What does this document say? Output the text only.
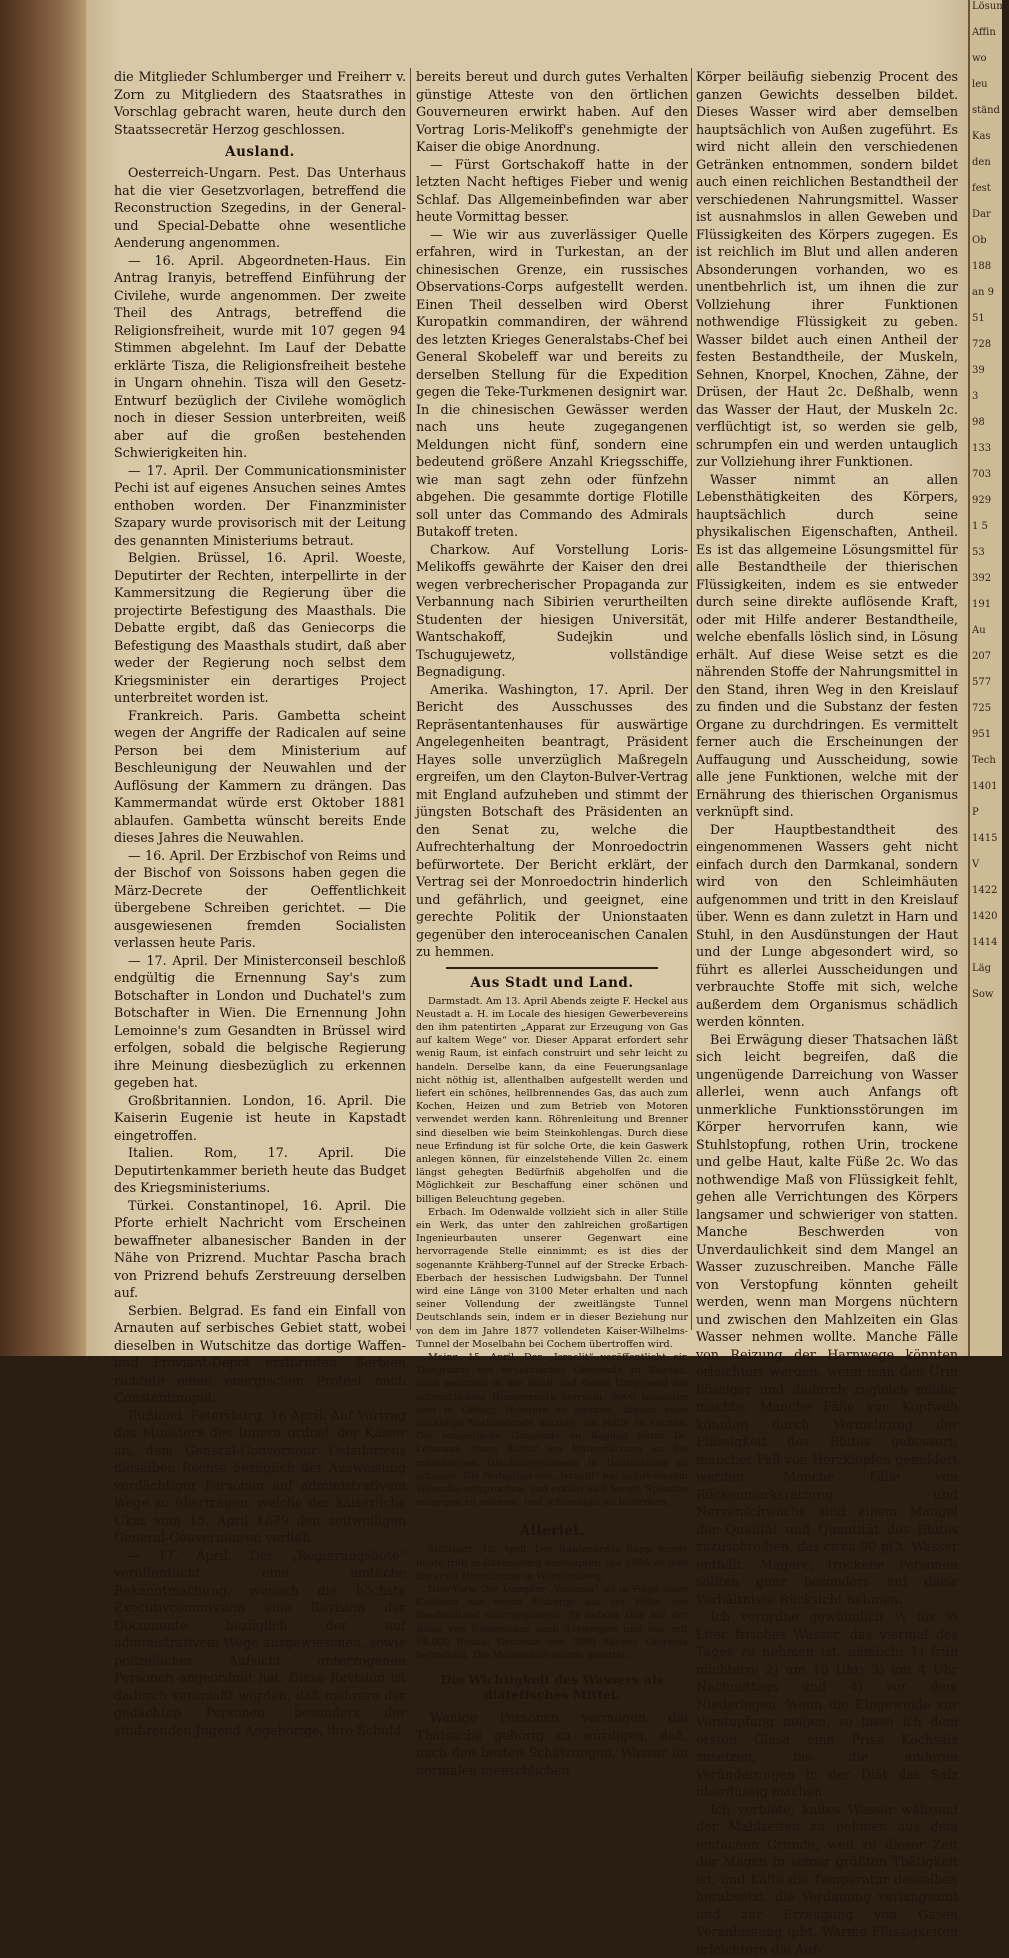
die Mitglieder Schlumberger und Freiherr v. Zorn zu Mitgliedern des Staatsrathes in Vorschlag gebracht waren, heute durch den Staatssecretär Herzog geschlossen.

Ausland.

Oesterreich-Ungarn. Pest. Das Unterhaus hat die vier Gesetzvorlagen, betreffend die Reconstruction Szegedins, in der General- und Special-Debatte ohne wesentliche Aenderung angenommen.

— 16. April. Abgeordneten-Haus. Ein Antrag Iranyis, betreffend Einführung der Civilehe, wurde angenommen. Der zweite Theil des Antrags, betreffend die Religionsfreiheit, wurde mit 107 gegen 94 Stimmen abgelehnt. Im Lauf der Debatte erklärte Tisza, die Religionsfreiheit bestehe in Ungarn ohnehin. Tisza will den Gesetz-Entwurf bezüglich der Civilehe womöglich noch in dieser Session unterbreiten, weiß aber auf die großen bestehenden Schwierigkeiten hin.

— 17. April. Der Communicationsminister Pechi ist auf eigenes Ansuchen seines Amtes enthoben worden. Der Finanzminister Szapary wurde provisorisch mit der Leitung des genannten Ministeriums betraut.

Belgien. Brüssel, 16. April. Woeste, Deputirter der Rechten, interpellirte in der Kammersitzung die Regierung über die projectirte Befestigung des Maasthals. Die Debatte ergibt, daß das Geniecorps die Befestigung des Maasthals studirt, daß aber weder der Regierung noch selbst dem Kriegsminister ein derartiges Project unterbreitet worden ist.

Frankreich. Paris. Gambetta scheint wegen der Angriffe der Radicalen auf seine Person bei dem Ministerium auf Beschleunigung der Neuwahlen und der Auflösung der Kammern zu drängen. Das Kammermandat würde erst Oktober 1881 ablaufen. Gambetta wünscht bereits Ende dieses Jahres die Neuwahlen.

— 16. April. Der Erzbischof von Reims und der Bischof von Soissons haben gegen die März-Decrete der Oeffentlichkeit übergebene Schreiben gerichtet. — Die ausgewiesenen fremden Socialisten verlassen heute Paris.

— 17. April. Der Ministerconseil beschloß endgültig die Ernennung Say's zum Botschafter in London und Duchatel's zum Botschafter in Wien. Die Ernennung John Lemoinne's zum Gesandten in Brüssel wird erfolgen, sobald die belgische Regierung ihre Meinung diesbezüglich zu erkennen gegeben hat.

Großbritannien. London, 16. April. Die Kaiserin Eugenie ist heute in Kapstadt eingetroffen.

Italien. Rom, 17. April. Die Deputirtenkammer berieth heute das Budget des Kriegsministeriums.

Türkei. Constantinopel, 16. April. Die Pforte erhielt Nachricht vom Erscheinen bewaffneter albanesischer Banden in der Nähe von Prizrend. Muchtar Pascha brach von Prizrend behufs Zerstreuung derselben auf.

Serbien. Belgrad. Es fand ein Einfall von Arnauten auf serbisches Gebiet statt, wobei dieselben in Wutschitze das dortige Waffen- und Proviant-Depot erstürmten. Serbien richtete einen energischen Protest nach Constantinopel.

Rußland. Petersburg, 16 April. Auf Vortrag des Ministers des Innern ordnet der Kaiser an, dem General-Gouverneur Ostsibiriens dieselben Rechte bezüglich der Ausweisung verdächtiger Personen auf administrativem Wege zu übertragen, welche der kaiserliche Ukas vom 15. April 1879 den zeitweiligen General-Gouverneuren verlieh.

— 17. April. Der „Regierungsbote“ veröffentlicht eine amtliche Bekanntmachung, wonach die höchste Executivcommission eine Revision der Documente bezüglich der auf administrativem Wege ausgewiesenen, sowie polizeilicher Aufsicht unterzogenen Personen angeordnet hat. Diese Revision ist dadurch veranlaßt worden, daß mehrere der gedachten Personen, besonders der studirenden Jugend Angehörige, ihre Schuld

bereits bereut und durch gutes Verhalten günstige Atteste von den örtlichen Gouverneuren erwirkt haben. Auf den Vortrag Loris-Melikoff's genehmigte der Kaiser die obige Anordnung.

— Fürst Gortschakoff hatte in der letzten Nacht heftiges Fieber und wenig Schlaf. Das Allgemeinbefinden war aber heute Vormittag besser.

— Wie wir aus zuverlässiger Quelle erfahren, wird in Turkestan, an der chinesischen Grenze, ein russisches Observations-Corps aufgestellt werden. Einen Theil desselben wird Oberst Kuropatkin commandiren, der während des letzten Krieges Generalstabs-Chef bei General Skobeleff war und bereits zu derselben Stellung für die Expedition gegen die Teke-Turkmenen designirt war. In die chinesischen Gewässer werden nach uns heute zugegangenen Meldungen nicht fünf, sondern eine bedeutend größere Anzahl Kriegsschiffe, wie man sagt zehn oder fünfzehn abgehen. Die gesammte dortige Flotille soll unter das Commando des Admirals Butakoff treten.

Charkow. Auf Vorstellung Loris-Melikoffs gewährte der Kaiser den drei wegen verbrecherischer Propaganda zur Verbannung nach Sibirien verurtheilten Studenten der hiesigen Universität, Wantschakoff, Sudejkin und Tschugujewetz, vollständige Begnadigung.

Amerika. Washington, 17. April. Der Bericht des Ausschusses des Repräsentantenhauses für auswärtige Angelegenheiten beantragt, Präsident Hayes solle unverzüglich Maßregeln ergreifen, um den Clayton-Bulver-Vertrag mit England aufzuheben und stimmt der jüngsten Botschaft des Präsidenten an den Senat zu, welche die Aufrechterhaltung der Monroedoctrin befürwortete. Der Bericht erklärt, der Vertrag sei der Monroedoctrin hinderlich und gefährlich, und geeignet, eine gerechte Politik der Unionstaaten gegenüber den interoceanischen Canalen zu hemmen.

Aus Stadt und Land.

Darmstadt. Am 13. April Abends zeigte F. Heckel aus Neustadt a. H. im Locale des hiesigen Gewerbevereins den ihm patentirten „Apparat zur Erzeugung von Gas auf kaltem Wege“ vor. Dieser Apparat erfordert sehr wenig Raum, ist einfach construirt und sehr leicht zu handeln. Derselbe kann, da eine Feuerungsanlage nicht nöthig ist, allenthalben aufgestellt werden und liefert ein schönes, hellbrennendes Gas, das auch zum Kochen, Heizen und zum Betrieb von Motoren verwendet werden kann. Röhrenleitung und Brenner sind dieselben wie beim Steinkohlengas. Durch diese neue Erfindung ist für solche Orte, die kein Gaswerk anlegen können, für einzelstehende Villen 2c. einem längst gehegten Bedürfniß abgeholfen und die Möglichkeit zur Beschaffung einer schönen und billigen Beleuchtung gegeben.

Erbach. Im Odenwalde vollzieht sich in aller Stille ein Werk, das unter den zahlreichen großartigen Ingenieurbauten unserer Gegenwart eine hervorragende Stelle einnimmt; es ist dies der sogenannte Krähberg-Tunnel auf der Strecke Erbach-Eberbach der hessischen Ludwigsbahn. Der Tunnel wird eine Länge von 3100 Meter erhalten und nach seiner Vollendung der zweitlängste Tunnel Deutschlands sein, indem er in dieser Beziehung nur von dem im Jahre 1877 vollendeten Kaiser-Wilhelms-Tunnel der Moselbahn bei Cochem übertroffen wird.

Mainz, 15. April. Der „Israelit“ veröffentlicht ein Telegramm der israelitischen Gemeinde zu Bagdad, nach welchem in der Stadt und deren Umgegend die schrecklichste Hungersnoth herrscht. 9000 Israeliten sind in Gefahr, Hungers zu sterben, täglich eilen unzählige Nothleidende dorthin, um Hülfe zu suchen. Die israelitische Gemeinde zu Bagdad bittet Dr. Lehmann einen Aufruf um Unterstützung an die mildthätigen Glaubensgenossen in Deutschland zu erlassen. Die Redaction des „Israelit“ hat sofort diesem Wunsche entsprochen, und erklärt sich bereit, Spenden entgegen zu nehmen, und schleunigst zu befördern.

Allerlei.

Stuttgart, 15. April. Der Raubmörder Rapp wurde heute früh in Ravensburg enthauptet; seit 1866 ist dies die erste Hinrichtung in Württemberg.

New-York. Der Dampfer „Vizcania“ ist in Folge einer Collision mit einem Eisberge auf der Höhe von Neufundland untergegangen. Er befand sich auf der Reise von Neworleans nach Antwerpen und war mit 74,000 Bushel Getreide und 3000 Säcken Getreide befrachtet. Die Mannschaft wurde gerettet.

Die Wichtigkeit des Wassers als diätetisches Mittel.

Wenige Personen vermögen die Thatsache gehörig zu würdigen, daß, nach den besten Schätzungen, Wasser im normalen menschlichen

Körper beiläufig siebenzig Procent des ganzen Gewichts desselben bildet. Dieses Wasser wird aber demselben hauptsächlich von Außen zugeführt. Es wird nicht allein den verschiedenen Getränken entnommen, sondern bildet auch einen reichlichen Bestandtheil der verschiedenen Nahrungsmittel. Wasser ist ausnahmslos in allen Geweben und Flüssigkeiten des Körpers zugegen. Es ist reichlich im Blut und allen anderen Absonderungen vorhanden, wo es unentbehrlich ist, um ihnen die zur Vollziehung ihrer Funktionen nothwendige Flüssigkeit zu geben. Wasser bildet auch einen Antheil der festen Bestandtheile, der Muskeln, Sehnen, Knorpel, Knochen, Zähne, der Drüsen, der Haut 2c. Deßhalb, wenn das Wasser der Haut, der Muskeln 2c. verflüchtigt ist, so werden sie gelb, schrumpfen ein und werden untauglich zur Vollziehung ihrer Funktionen.

Wasser nimmt an allen Lebensthätigkeiten des Körpers, hauptsächlich durch seine physikalischen Eigenschaften, Antheil. Es ist das allgemeine Lösungsmittel für alle Bestandtheile der thierischen Flüssigkeiten, indem es sie entweder durch seine direkte auflösende Kraft, oder mit Hilfe anderer Bestandtheile, welche ebenfalls löslich sind, in Lösung erhält. Auf diese Weise setzt es die nährenden Stoffe der Nahrungsmittel in den Stand, ihren Weg in den Kreislauf zu finden und die Substanz der festen Organe zu durchdringen. Es vermittelt ferner auch die Erscheinungen der Auffaugung und Ausscheidung, sowie alle jene Funktionen, welche mit der Ernährung des thierischen Organismus verknüpft sind.

Der Hauptbestandtheit des eingenommenen Wassers geht nicht einfach durch den Darmkanal, sondern wird von den Schleimhäuten aufgenommen und tritt in den Kreislauf über. Wenn es dann zuletzt in Harn und Stuhl, in den Ausdünstungen der Haut und der Lunge abgesondert wird, so führt es allerlei Ausscheidungen und verbrauchte Stoffe mit sich, welche außerdem dem Organismus schädlich werden könnten.

Bei Erwägung dieser Thatsachen läßt sich leicht begreifen, daß die ungenügende Darreichung von Wasser allerlei, wenn auch Anfangs oft unmerkliche Funktionsstörungen im Körper hervorrufen kann, wie Stuhlstopfung, rothen Urin, trockene und gelbe Haut, kalte Füße 2c. Wo das nothwendige Maß von Flüssigkeit fehlt, gehen alle Verrichtungen des Körpers langsamer und schwieriger von statten. Manche Beschwerden von Unverdaulichkeit sind dem Mangel an Wasser zuzuschreiben. Manche Fälle von Verstopfung könnten geheilt werden, wenn man Morgens nüchtern und zwischen den Mahlzeiten ein Glas Wasser nehmen wollte. Manche Fälle von Reizung der Harnwege könnten erleichtert werden, wenn man den Urin flüssiger und dadurch zugleich milder machte. Manche Fälle von Kopfweh könnten durch Vermehrung der Flüssigkeit des Blutes gebessert, mancher Fall von Herzklopfen gemildert werden. Manche Fälle von Rückenmarksreizung und Nervenschwäche sind einem Mangel der Qualität und Quantität des Blutes zuzuschreiben, das circa 90 pCt. Wasser enthält. Magere, trockene Personen sollten ganz besonders auf diese Verhältnisse Rücksicht nehmen.

Ich verordne gewöhnlich ¼ bis ⅓ Liter frisches Wasser, das viermal des Tages zu nehmen ist, nämlich: 1) früh nüchtern; 2) um 10 Uhr; 3) um 4 Uhr Nachmittags und 4) vor dem Niederlegen. Wenn die Eingeweide zur Verstopfung neigen, so lasse ich dem ersten Glase eine Prise Kochsalz zusetzen, bis die anderen Veränderungen in der Diät das Salz überflüssig machen.

Ich verbiete, kaltes Wasser während der Mahlzeiten zu nehmen aus dem einfachen Grunde, weil zu dieser Zeit der Magen in seiner größten Thätigkeit ist, und Kälte die Temperatur desselben herabsetzt, die Verdauung verlangsamt und zur Erzeugung von Gasen Veranlassung gibt. Warme Flüssigkeiten erleichtern die Auf-

Lösung
Affin
wo
leu
ständ
Kas
den
fest
Dar
Ob
188
an 9
51
728
39
3
98
133
703
929
1 5
53
392
191
Au
207
577
725
951
Tech
1401
P
1415
V
1422
1420
1414
Läg
Sow
